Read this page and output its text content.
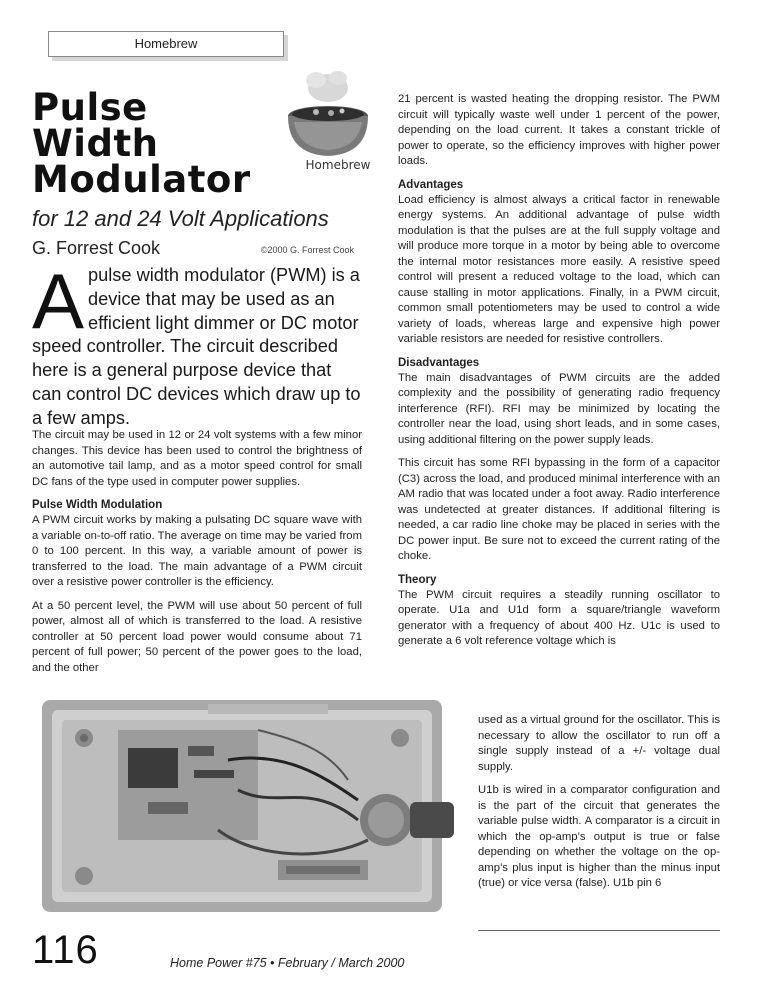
Homebrew
Pulse
Width
Modulator	Homebrew
for 12 and 24 Volt Applications
G. Forrest Cook	©2000 G. Forrest Cook
A pulse width modulator (PWM) is a device that may be used as an efficient light dimmer or DC motor speed controller. The circuit described here is a general purpose device that can control DC devices which draw up to a few amps.

The circuit may be used in 12 or 24 volt systems with a few minor changes. This device has been used to control the brightness of an automotive tail lamp, and as a motor speed control for small DC fans of the type used in computer power supplies.

Pulse Width Modulation

A PWM circuit works by making a pulsating DC square wave with a variable on-to-off ratio. The average on time may be varied from 0 to 100 percent. In this way, a variable amount of power is transferred to the load. The main advantage of a PWM circuit over a resistive power controller is the efficiency.

At a 50 percent level, the PWM will use about 50 percent of full power, almost all of which is transferred to the load. A resistive controller at 50 percent load power would consume about 71 percent of full power; 50 percent of the power goes to the load, and the other

21 percent is wasted heating the dropping resistor. The PWM circuit will typically waste well under 1 percent of the power, depending on the load current. It takes a constant trickle of power to operate, so the efficiency improves with higher power loads.

Advantages

Load efficiency is almost always a critical factor in renewable energy systems. An additional advantage of pulse width modulation is that the pulses are at the full supply voltage and will produce more torque in a motor by being able to overcome the internal motor resistances more easily. A resistive speed control will present a reduced voltage to the load, which can cause stalling in motor applications. Finally, in a PWM circuit, common small potentiometers may be used to control a wide variety of loads, whereas large and expensive high power variable resistors are needed for resistive controllers.

Disadvantages

The main disadvantages of PWM circuits are the added complexity and the possibility of generating radio frequency interference (RFI). RFI may be minimized by locating the controller near the load, using short leads, and in some cases, using additional filtering on the power supply leads.

This circuit has some RFI bypassing in the form of a capacitor (C3) across the load, and produced minimal interference with an AM radio that was located under a foot away. Radio interference was undetected at greater distances. If additional filtering is needed, a car radio line choke may be placed in series with the DC power input. Be sure not to exceed the current rating of the choke.

Theory

The PWM circuit requires a steadily running oscillator to operate. U1a and U1d form a square/triangle waveform generator with a frequency of about 400 Hz. U1c is used to generate a 6 volt reference voltage which is

used as a virtual ground for the oscillator. This is necessary to allow the oscillator to run off a single supply instead of a +/- voltage dual supply.

U1b is wired in a comparator configuration and is the part of the circuit that generates the variable pulse width. A comparator is a circuit in which the op-amp’s output is true or false depending on whether the voltage on the op-amp’s plus input is higher than the minus input (true) or vice versa (false). U1b pin 6

116	Home Power #75 • February / March 2000
